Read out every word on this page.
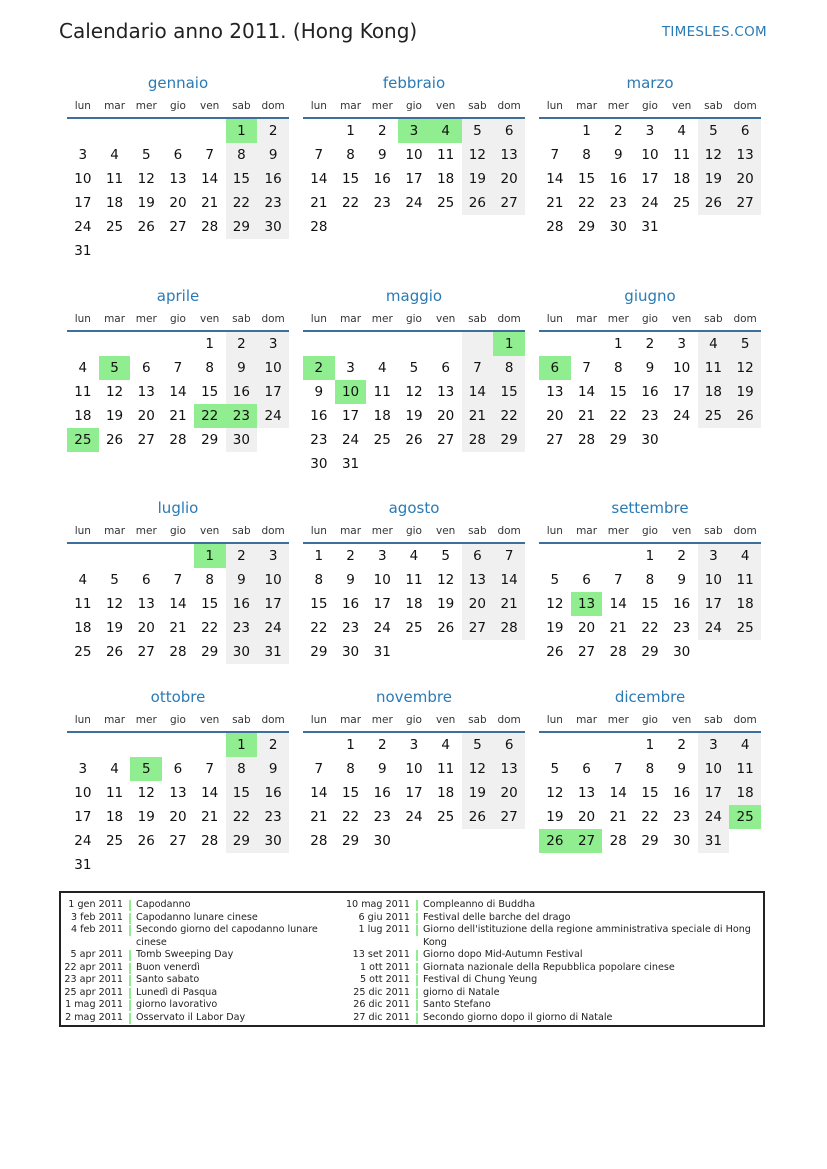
Calendario anno 2011. (Hong Kong)	TIMESLES.COM
gennaio
lun	mar	mer	gio	ven	sab	dom
					1	2
3	4	5	6	7	8	9
10	11	12	13	14	15	16
17	18	19	20	21	22	23
24	25	26	27	28	29	30
31						
febbraio
lun	mar	mer	gio	ven	sab	dom
	1	2	3	4	5	6
7	8	9	10	11	12	13
14	15	16	17	18	19	20
21	22	23	24	25	26	27
28						
marzo
lun	mar	mer	gio	ven	sab	dom
	1	2	3	4	5	6
7	8	9	10	11	12	13
14	15	16	17	18	19	20
21	22	23	24	25	26	27
28	29	30	31			
aprile
lun	mar	mer	gio	ven	sab	dom
				1	2	3
4	5	6	7	8	9	10
11	12	13	14	15	16	17
18	19	20	21	22	23	24
25	26	27	28	29	30	
maggio
lun	mar	mer	gio	ven	sab	dom
						1
2	3	4	5	6	7	8
9	10	11	12	13	14	15
16	17	18	19	20	21	22
23	24	25	26	27	28	29
30	31					
giugno
lun	mar	mer	gio	ven	sab	dom
		1	2	3	4	5
6	7	8	9	10	11	12
13	14	15	16	17	18	19
20	21	22	23	24	25	26
27	28	29	30			
luglio
lun	mar	mer	gio	ven	sab	dom
				1	2	3
4	5	6	7	8	9	10
11	12	13	14	15	16	17
18	19	20	21	22	23	24
25	26	27	28	29	30	31
agosto
lun	mar	mer	gio	ven	sab	dom
1	2	3	4	5	6	7
8	9	10	11	12	13	14
15	16	17	18	19	20	21
22	23	24	25	26	27	28
29	30	31				
settembre
lun	mar	mer	gio	ven	sab	dom
			1	2	3	4
5	6	7	8	9	10	11
12	13	14	15	16	17	18
19	20	21	22	23	24	25
26	27	28	29	30		
ottobre
lun	mar	mer	gio	ven	sab	dom
					1	2
3	4	5	6	7	8	9
10	11	12	13	14	15	16
17	18	19	20	21	22	23
24	25	26	27	28	29	30
31						
novembre
lun	mar	mer	gio	ven	sab	dom
	1	2	3	4	5	6
7	8	9	10	11	12	13
14	15	16	17	18	19	20
21	22	23	24	25	26	27
28	29	30				
dicembre
lun	mar	mer	gio	ven	sab	dom
			1	2	3	4
5	6	7	8	9	10	11
12	13	14	15	16	17	18
19	20	21	22	23	24	25
26	27	28	29	30	31	
1 gen 2011 Capodanno
3 feb 2011 Capodanno lunare cinese
4 feb 2011 Secondo giorno del capodanno lunare cinese
5 apr 2011 Tomb Sweeping Day
22 apr 2011 Buon venerdì
23 apr 2011 Santo sabato
25 apr 2011 Lunedì di Pasqua
1 mag 2011 giorno lavorativo
2 mag 2011 Osservato il Labor Day
10 mag 2011 Compleanno di Buddha
6 giu 2011 Festival delle barche del drago
1 lug 2011 Giorno dell'istituzione della regione amministrativa speciale di Hong Kong
13 set 2011 Giorno dopo Mid-Autumn Festival
1 ott 2011 Giornata nazionale della Repubblica popolare cinese
5 ott 2011 Festival di Chung Yeung
25 dic 2011 giorno di Natale
26 dic 2011 Santo Stefano
27 dic 2011 Secondo giorno dopo il giorno di Natale
